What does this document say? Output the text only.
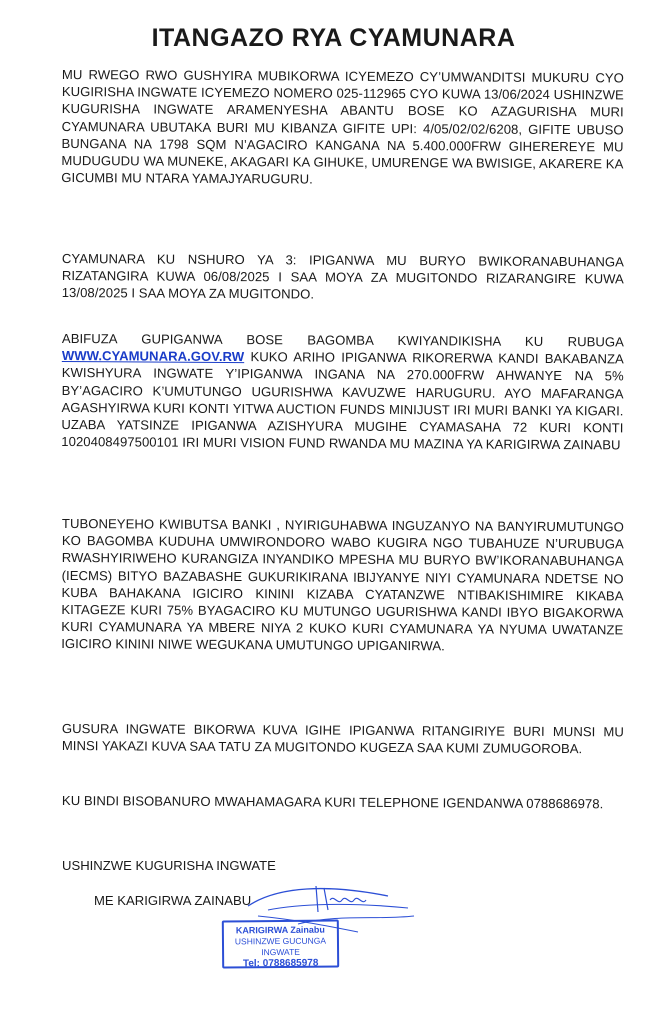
ITANGAZO RYA CYAMUNARA
MU RWEGO RWO GUSHYIRA MUBIKORWA ICYEMEZO CY’UMWANDITSI MUKURU CYO KUGIRISHA INGWATE ICYEMEZO NOMERO 025-112965 CYO KUWA 13/06/2024 USHINZWE KUGURISHA INGWATE ARAMENYESHA ABANTU BOSE KO AZAGURISHA MURI CYAMUNARA UBUTAKA BURI MU KIBANZA GIFITE UPI: 4/05/02/02/6208, GIFITE UBUSO BUNGANA NA 1798 SQM N’AGACIRO KANGANA NA 5.400.000FRW GIHEREREYE MU MUDUGUDU WA MUNEKE, AKAGARI KA GIHUKE, UMURENGE WA BWISIGE, AKARERE KA GICUMBI MU NTARA YAMAJYARUGURU.
CYAMUNARA KU NSHURO YA 3: IPIGANWA MU BURYO BWIKORANABUHANGA RIZATANGIRA KUWA 06/08/2025 I SAA MOYA ZA MUGITONDO RIZARANGIRE KUWA 13/08/2025 I SAA MOYA ZA MUGITONDO.
ABIFUZA GUPIGANWA BOSE BAGOMBA KWIYANDIKISHA KU RUBUGA WWW.CYAMUNARA.GOV.RW KUKO ARIHO IPIGANWA RIKORERWA KANDI BAKABANZA KWISHYURA INGWATE Y’IPIGANWA INGANA NA 270.000FRW AHWANYE NA 5% BY’AGACIRO K’UMUTUNGO UGURISHWA KAVUZWE HARUGURU. AYO MAFARANGA AGASHYIRWA KURI KONTI YITWA AUCTION FUNDS MINIJUST IRI MURI BANKI YA KIGARI. UZABA YATSINZE IPIGANWA AZISHYURA MUGIHE CYAMASAHA 72 KURI KONTI 1020408497500101 IRI MURI VISION FUND RWANDA MU MAZINA YA KARIGIRWA ZAINABU
TUBONEYEHO KWIBUTSA BANKI , NYIRIGUHABWA INGUZANYO NA BANYIRUMUTUNGO KO BAGOMBA KUDUHA UMWIRONDORO WABO KUGIRA NGO TUBAHUZE N’URUBUGA RWASHYIRIWEHO KURANGIZA INYANDIKO MPESHA MU BURYO BW’IKORANABUHANGA (IECMS) BITYO BAZABASHE GUKURIKIRANA IBIJYANYE NIYI CYAMUNARA NDETSE NO KUBA BAHAKANA IGICIRO KININI KIZABA CYATANZWE NTIBAKISHIMIRE KIKABA KITAGEZE KURI 75% BYAGACIRO KU MUTUNGO UGURISHWA KANDI IBYO BIGAKORWA KURI CYAMUNARA YA MBERE NIYA 2 KUKO KURI CYAMUNARA YA NYUMA UWATANZE IGICIRO KININI NIWE WEGUKANA UMUTUNGO UPIGANIRWA.
GUSURA INGWATE BIKORWA KUVA IGIHE IPIGANWA RITANGIRIYE BURI MUNSI MU MINSI YAKAZI KUVA SAA TATU ZA MUGITONDO KUGEZA SAA KUMI ZUMUGOROBA.
KU BINDI BISOBANURO MWAHAMAGARA KURI TELEPHONE IGENDANWA 0788686978.
USHINZWE KUGURISHA INGWATE
ME KARIGIRWA ZAINABU
KARIGIRWA Zainabu
USHINZWE GUCUNGA INGWATE
Tel: 0788685978
